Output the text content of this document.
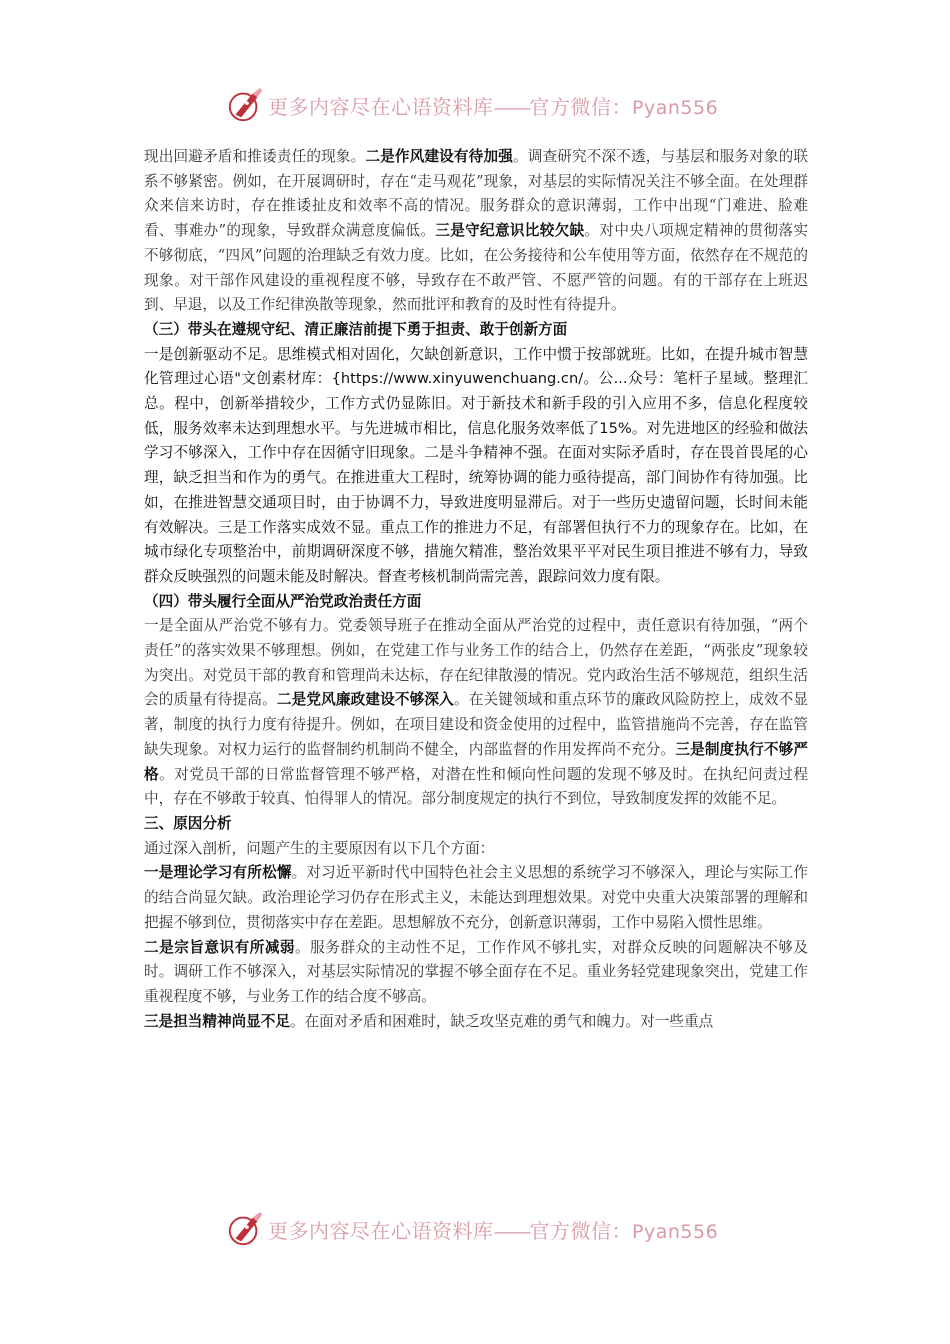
更多内容尽在心语资料库——官方微信：Pyan556

现出回避矛盾和推诿责任的现象。二是作风建设有待加强。调查研究不深不透，与基层和服务对象的联系不够紧密。例如，在开展调研时，存在“走马观花”现象，对基层的实际情况关注不够全面。在处理群众来信来访时，存在推诿扯皮和效率不高的情况。服务群众的意识薄弱，工作中出现“门难进、脸难看、事难办”的现象，导致群众满意度偏低。三是守纪意识比较欠缺。对中央八项规定精神的贯彻落实不够彻底，“四风”问题的治理缺乏有效力度。比如，在公务接待和公车使用等方面，依然存在不规范的现象。对干部作风建设的重视程度不够，导致存在不敢严管、不愿严管的问题。有的干部存在上班迟到、早退，以及工作纪律涣散等现象，然而批评和教育的及时性有待提升。

（三）带头在遵规守纪、清正廉洁前提下勇于担责、敢于创新方面

一是创新驱动不足。思维模式相对固化，欠缺创新意识，工作中惯于按部就班。比如，在提升城市智慧化管理过心语"文创素材库：{https://www.xinyuwenchuang.cn/。公...众号：笔杆子星域。整理汇总。程中，创新举措较少，工作方式仍显陈旧。对于新技术和新手段的引入应用不多，信息化程度较低，服务效率未达到理想水平。与先进城市相比，信息化服务效率低了15%。对先进地区的经验和做法学习不够深入，工作中存在因循守旧现象。二是斗争精神不强。在面对实际矛盾时，存在畏首畏尾的心理，缺乏担当和作为的勇气。在推进重大工程时，统筹协调的能力亟待提高，部门间协作有待加强。比如，在推进智慧交通项目时，由于协调不力，导致进度明显滞后。对于一些历史遗留问题，长时间未能有效解决。三是工作落实成效不显。重点工作的推进力不足，有部署但执行不力的现象存在。比如，在城市绿化专项整治中，前期调研深度不够，措施欠精准，整治效果平平对民生项目推进不够有力，导致群众反映强烈的问题未能及时解决。督查考核机制尚需完善，跟踪问效力度有限。

（四）带头履行全面从严治党政治责任方面

一是全面从严治党不够有力。党委领导班子在推动全面从严治党的过程中，责任意识有待加强，“两个责任”的落实效果不够理想。例如，在党建工作与业务工作的结合上，仍然存在差距，“两张皮”现象较为突出。对党员干部的教育和管理尚未达标，存在纪律散漫的情况。党内政治生活不够规范，组织生活会的质量有待提高。二是党风廉政建设不够深入。在关键领域和重点环节的廉政风险防控上，成效不显著，制度的执行力度有待提升。例如，在项目建设和资金使用的过程中，监管措施尚不完善，存在监管缺失现象。对权力运行的监督制约机制尚不健全，内部监督的作用发挥尚不充分。三是制度执行不够严格。对党员干部的日常监督管理不够严格，对潜在性和倾向性问题的发现不够及时。在执纪问责过程中，存在不够敢于较真、怕得罪人的情况。部分制度规定的执行不到位，导致制度发挥的效能不足。

三、原因分析

通过深入剖析，问题产生的主要原因有以下几个方面：

一是理论学习有所松懈。对习近平新时代中国特色社会主义思想的系统学习不够深入，理论与实际工作的结合尚显欠缺。政治理论学习仍存在形式主义，未能达到理想效果。对党中央重大决策部署的理解和把握不够到位，贯彻落实中存在差距。思想解放不充分，创新意识薄弱，工作中易陷入惯性思维。

二是宗旨意识有所减弱。服务群众的主动性不足，工作作风不够扎实，对群众反映的问题解决不够及时。调研工作不够深入，对基层实际情况的掌握不够全面存在不足。重业务轻党建现象突出，党建工作重视程度不够，与业务工作的结合度不够高。

三是担当精神尚显不足。在面对矛盾和困难时，缺乏攻坚克难的勇气和魄力。对一些重点

更多内容尽在心语资料库——官方微信：Pyan556
